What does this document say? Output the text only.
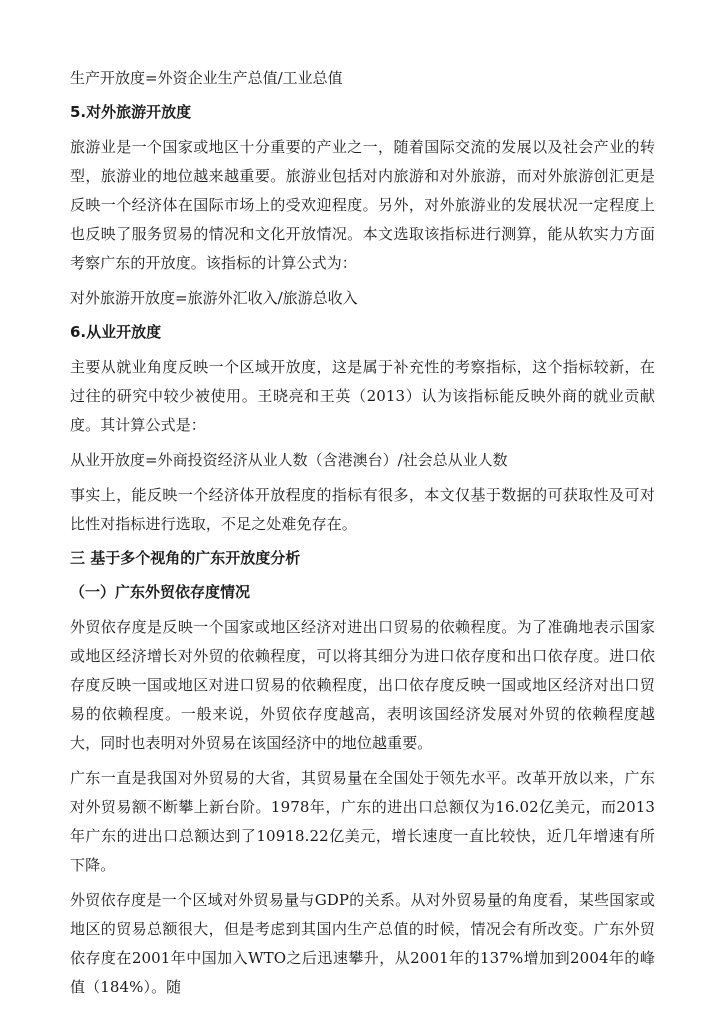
生产开放度=外资企业生产总值/工业总值

5.对外旅游开放度

旅游业是一个国家或地区十分重要的产业之一，随着国际交流的发展以及社会产业的转型，旅游业的地位越来越重要。旅游业包括对内旅游和对外旅游，而对外旅游创汇更是反映一个经济体在国际市场上的受欢迎程度。另外，对外旅游业的发展状况一定程度上也反映了服务贸易的情况和文化开放情况。本文选取该指标进行测算，能从软实力方面考察广东的开放度。该指标的计算公式为：

对外旅游开放度=旅游外汇收入/旅游总收入

6.从业开放度

主要从就业角度反映一个区域开放度，这是属于补充性的考察指标，这个指标较新，在过往的研究中较少被使用。王晓亮和王英（2013）认为该指标能反映外商的就业贡献度。其计算公式是：

从业开放度=外商投资经济从业人数（含港澳台）/社会总从业人数

事实上，能反映一个经济体开放程度的指标有很多，本文仅基于数据的可获取性及可对比性对指标进行选取，不足之处难免存在。

三 基于多个视角的广东开放度分析

（一）广东外贸依存度情况

外贸依存度是反映一个国家或地区经济对进出口贸易的依赖程度。为了准确地表示国家或地区经济增长对外贸的依赖程度，可以将其细分为进口依存度和出口依存度。进口依存度反映一国或地区对进口贸易的依赖程度，出口依存度反映一国或地区经济对出口贸易的依赖程度。一般来说，外贸依存度越高，表明该国经济发展对外贸的依赖程度越大，同时也表明对外贸易在该国经济中的地位越重要。

广东一直是我国对外贸易的大省，其贸易量在全国处于领先水平。改革开放以来，广东对外贸易额不断攀上新台阶。1978年，广东的进出口总额仅为16.02亿美元，而2013年广东的进出口总额达到了10918.22亿美元，增长速度一直比较快，近几年增速有所下降。

外贸依存度是一个区域对外贸易量与GDP的关系。从对外贸易量的角度看，某些国家或地区的贸易总额很大，但是考虑到其国内生产总值的时候，情况会有所改变。广东外贸依存度在2001年中国加入WTO之后迅速攀升，从2001年的137%增加到2004年的峰值（184%）。随
